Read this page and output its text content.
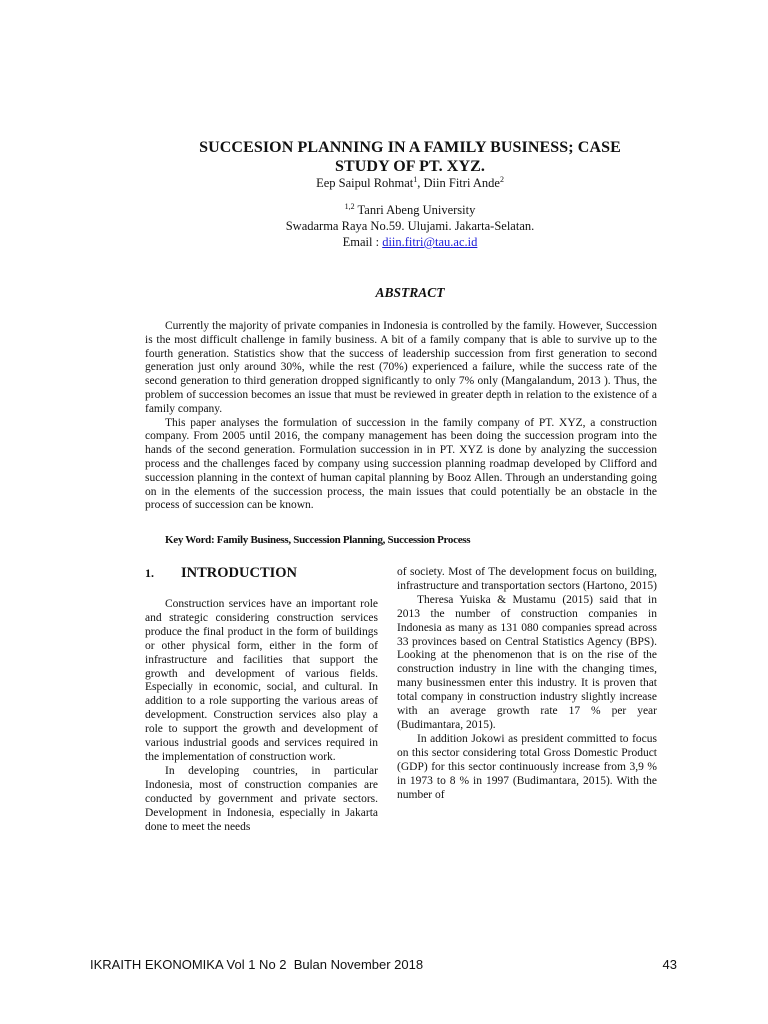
SUCCESION PLANNING IN A FAMILY BUSINESS; CASE
STUDY OF PT. XYZ.
Eep Saipul Rohmat$^1$, Diin Fitri Ande$^2$
$^{1,2}$ Tanri Abeng University
Swadarma Raya No.59. Ulujami. Jakarta-Selatan.
Email : diin.fitri@tau.ac.id
ABSTRACT

Currently the majority of private companies in Indonesia is controlled by the family. However, Succession is the most difficult challenge in family business. A bit of a family company that is able to survive up to the fourth generation. Statistics show that the success of leadership succession from first generation to second generation just only around 30%, while the rest (70%) experienced a failure, while the success rate of the second generation to third generation dropped significantly to only 7% only (Mangalandum, 2013 ). Thus, the problem of succession becomes an issue that must be reviewed in greater depth in relation to the existence of a family company.

This paper analyses the formulation of succession in the family company of PT. XYZ, a construction company. From 2005 until 2016, the company management has been doing the succession program into the hands of the second generation. Formulation succession in in PT. XYZ is done by analyzing the succession process and the challenges faced by company using succession planning roadmap developed by Clifford and succession planning in the context of human capital planning by Booz Allen. Through an understanding going on in the elements of the succession process, the main issues that could potentially be an obstacle in the process of succession can be known.

Key Word: Family Business, Succession Planning, Succession Process
1. INTRODUCTION

Construction services have an important role and strategic considering construction services produce the final product in the form of buildings or other physical form, either in the form of infrastructure and facilities that support the growth and development of various fields. Especially in economic, social, and cultural. In addition to a role supporting the various areas of development. Construction services also play a role to support the growth and development of various industrial goods and services required in the implementation of construction work.

In developing countries, in particular Indonesia, most of construction companies are conducted by government and private sectors. Development in Indonesia, especially in Jakarta done to meet the needs

of society. Most of The development focus on building, infrastructure and transportation sectors (Hartono, 2015)

Theresa Yuiska & Mustamu (2015) said that in 2013 the number of construction companies in Indonesia as many as 131 080 companies spread across 33 provinces based on Central Statistics Agency (BPS). Looking at the phenomenon that is on the rise of the construction industry in line with the changing times, many businessmen enter this industry. It is proven that total company in construction industry slightly increase with an average growth rate 17 % per year (Budimantara, 2015).

In addition Jokowi as president committed to focus on this sector considering total Gross Domestic Product (GDP) for this sector continuously increase from 3,9 % in 1973 to 8 % in 1997 (Budimantara, 2015). With the number of

IKRAITH EKONOMIKA Vol 1 No 2  Bulan November 2018	43
